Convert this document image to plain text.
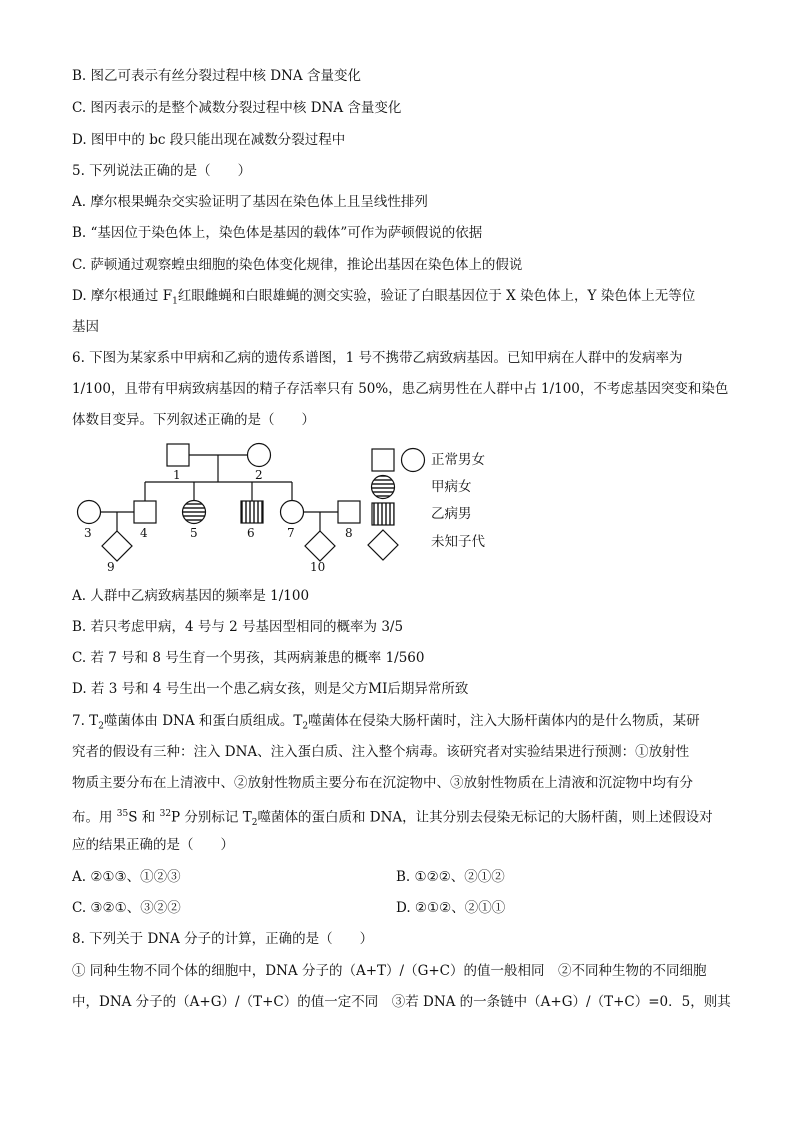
B. 图乙可表示有丝分裂过程中核 DNA 含量变化
C. 图丙表示的是整个减数分裂过程中核 DNA 含量变化
D. 图甲中的 bc 段只能出现在减数分裂过程中
5. 下列说法正确的是（　　）
A. 摩尔根果蝇杂交实验证明了基因在染色体上且呈线性排列
B. “基因位于染色体上，染色体是基因的载体”可作为萨顿假说的依据
C. 萨顿通过观察蝗虫细胞的染色体变化规律，推论出基因在染色体上的假说
D. 摩尔根通过 $F_1$红眼雌蝇和白眼雄蝇的测交实验，验证了白眼基因位于 X 染色体上，Y 染色体上无等位
基因
6. 下图为某家系中甲病和乙病的遗传系谱图，1 号不携带乙病致病基因。已知甲病在人群中的发病率为
1/100，且带有甲病致病基因的精子存活率只有 50%，患乙病男性在人群中占 1/100，不考虑基因突变和染色
体数目变异。下列叙述正确的是（　　）
1	2
3	4	5	6	7	8
9	10
正常男女
甲病女
乙病男
未知子代
A. 人群中乙病致病基因的频率是 1/100
B. 若只考虑甲病，4 号与 2 号基因型相同的概率为 3/5
C. 若 7 号和 8 号生育一个男孩，其两病兼患的概率 1/560
D. 若 3 号和 4 号生出一个患乙病女孩，则是父方MⅠ后期异常所致
7. $T_2$噬菌体由 DNA 和蛋白质组成。$T_2$噬菌体在侵染大肠杆菌时，注入大肠杆菌体内的是什么物质，某研
究者的假设有三种：注入 DNA、注入蛋白质、注入整个病毒。该研究者对实验结果进行预测：①放射性
物质主要分布在上清液中、②放射性物质主要分布在沉淀物中、③放射性物质在上清液和沉淀物中均有分
布。用 $^{35}$S 和 $^{32}$P 分别标记 $T_2$噬菌体的蛋白质和 DNA，让其分别去侵染无标记的大肠杆菌，则上述假设对
应的结果正确的是（　　）
A. ②①③、①②③	B. ①②②、②①②
C. ③②①、③②②	D. ②①②、②①①
8. 下列关于 DNA 分子的计算，正确的是（　　）
① 同种生物不同个体的细胞中，DNA 分子的（A+T）/（G+C）的值一般相同　②不同种生物的不同细胞
中，DNA 分子的（A+G）/（T+C）的值一定不同　③若 DNA 的一条链中（A+G）/（T+C）=0．5，则其
